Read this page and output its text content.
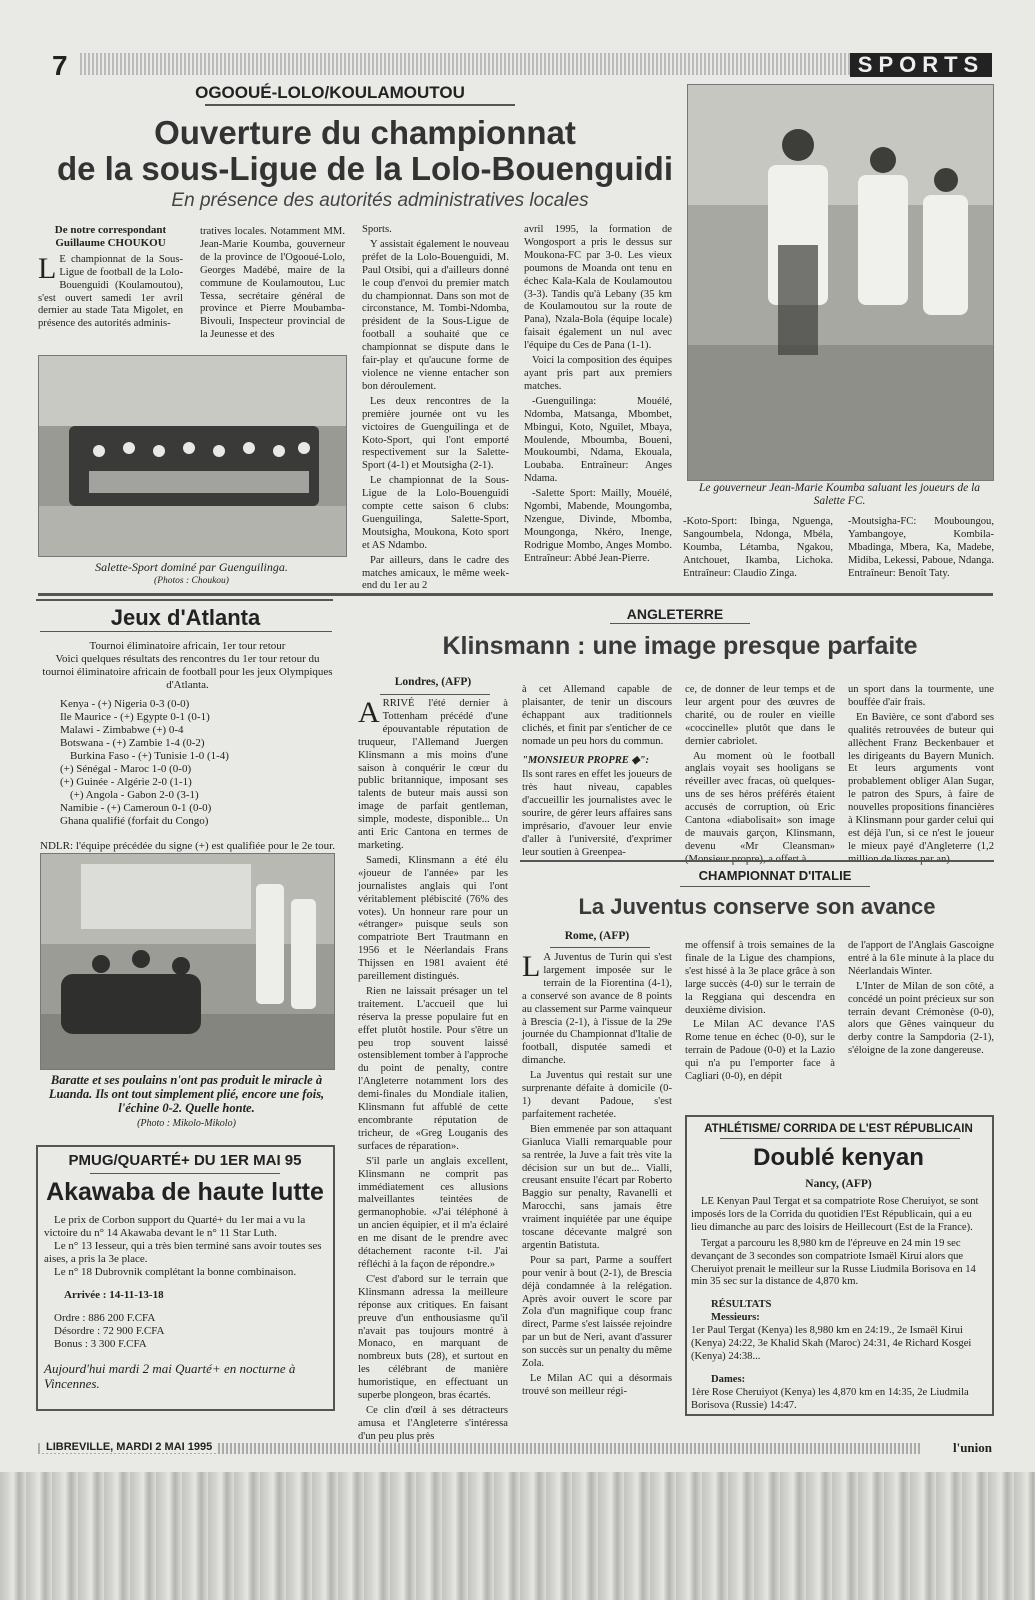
7	SPORTS
OGOOUÉ-LOLO/KOULAMOUTOU
Ouverture du championnat
de la sous-Ligue de la Lolo-Bouenguidi
En présence des autorités administratives locales
De notre correspondant
Guillaume CHOUKOU
L E championnat de la Sous-Ligue de football de la Lolo-Bouenguidi (Koulamoutou), s'est ouvert samedi 1er avril dernier au stade Tata Migolet, en présence des autorités adminis-
tratives locales. Notamment MM. Jean-Marie Koumba, gouverneur de la province de l'Ogooué-Lolo, Georges Madébé, maire de la commune de Koulamoutou, Luc Tessa, secrétaire général de province et Pierre Moubamba-Bivouli, Inspecteur provincial de la Jeunesse et des
Salette-Sport dominé par Guenguilinga.
(Photos : Choukou)

Sports.

Y assistait également le nouveau préfet de la Lolo-Bouenguidi, M. Paul Otsibi, qui a d'ailleurs donné le coup d'envoi du premier match du championnat. Dans son mot de circonstance, M. Tombi-Ndomba, président de la Sous-Ligue de football a souhaité que ce championnat se dispute dans le fair-play et qu'aucune forme de violence ne vienne entacher son bon déroulement.

Les deux rencontres de la première journée ont vu les victoires de Guenguilinga et de Koto-Sport, qui l'ont emporté respectivement sur la Salette-Sport (4-1) et Moutsigha (2-1).

Le championnat de la Sous-Ligue de la Lolo-Bouenguidi compte cette saison 6 clubs: Guenguilinga, Salette-Sport, Moutsigha, Moukona, Koto sport et AS Ndambo.

Par ailleurs, dans le cadre des matches amicaux, le même week-end du 1er au 2

avril 1995, la formation de Wongosport a pris le dessus sur Moukona-FC par 3-0. Les vieux poumons de Moanda ont tenu en échec Kala-Kala de Koulamoutou (3-3). Tandis qu'à Lebany (35 km de Koulamoutou sur la route de Pana), Nzala-Bola (équipe locale) faisait également un nul avec l'équipe du Ces de Pana (1-1).

Voici la composition des équipes ayant pris part aux premiers matches.

-Guenguilinga: Mouélé, Ndomba, Matsanga, Mbombet, Mbingui, Koto, Nguilet, Mbaya, Moulende, Mboumba, Boueni, Moukoumbi, Ndama, Ekouala, Loubaba. Entraîneur: Anges Ndama.

-Salette Sport: Mailly, Mouélé, Ngombi, Mabende, Moungomba, Nzengue, Divinde, Mbomba, Moungonga, Nkéro, Inenge, Rodrigue Mombo, Anges Mombo. Entraîneur: Abbé Jean-Pierre.

Le gouverneur Jean-Marie Koumba saluant les joueurs de la Salette FC.
-Koto-Sport: Ibinga, Nguenga, Sangoumbela, Ndonga, Mbéla, Koumba, Létamba, Ngakou, Antchouet, Ikamba, Lichoka. Entraîneur: Claudio Zinga.
-Moutsigha-FC: Mouboungou, Yambangoye, Kombila-Mbadinga, Mbera, Ka, Madebe, Midiba, Lekessi, Paboue, Ndanga. Entraîneur: Benoît Taty.
Jeux d'Atlanta
Tournoi éliminatoire africain, 1er tour retour
Voici quelques résultats des rencontres du 1er tour retour du tournoi éliminatoire africain de football pour les jeux Olympiques d'Atlanta.
Kenya - (+) Nigeria 0-3 (0-0)
Ile Maurice - (+) Egypte 0-1 (0-1)
Malawi - Zimbabwe (+) 0-4
Botswana - (+) Zambie 1-4 (0-2)
Burkina Faso - (+) Tunisie 1-0 (1-4)
(+) Sénégal - Maroc 1-0 (0-0)
(+) Guinée - Algérie 2-0 (1-1)
(+) Angola - Gabon 2-0 (3-1)
Namibie - (+) Cameroun 0-1 (0-0)
Ghana qualifié (forfait du Congo)
NDLR: l'équipe précédée du signe (+) est qualifiée pour le 2e tour.
Baratte et ses poulains n'ont pas produit le miracle à Luanda. Ils ont tout simplement plié, encore une fois, l'échine 0-2. Quelle honte.
(Photo : Mikolo-Mikolo)
PMUG/QUARTÉ+ DU 1ER MAI 95
Akawaba de haute lutte

Le prix de Corbon support du Quarté+ du 1er mai a vu la victoire du n° 14 Akawaba devant le n° 11 Star Luth.

Le n° 13 Iesseur, qui a très bien terminé sans avoir toutes ses aises, a pris la 3e place.

Le n° 18 Dubrovnik complétant la bonne combinaison.

Arrivée : 14-11-13-18

Ordre : 886 200 F.CFA

Désordre : 72 900 F.CFA

Bonus : 3 300 F.CFA

Aujourd'hui mardi 2 mai Quarté+ en nocturne à Vincennes.

ANGLETERRE
Klinsmann : une image presque parfaite
Londres, (AFP)

ARRIVÉ l'été dernier à Tottenham précédé d'une épouvantable réputation de truqueur, l'Allemand Juergen Klinsmann a mis moins d'une saison à conquérir le cœur du public britannique, imposant ses talents de buteur mais aussi son image de parfait gentleman, simple, modeste, disponible... Un anti Eric Cantona en termes de marketing.

Samedi, Klinsmann a été élu «joueur de l'année» par les journalistes anglais qui l'ont véritablement plébiscité (76% des votes). Un honneur rare pour un «étranger» puisque seuls son compatriote Bert Trautmann en 1956 et le Néerlandais Frans Thijssen en 1981 avaient été pareillement distingués.

Rien ne laissait présager un tel traitement. L'accueil que lui réserva la presse populaire fut en effet plutôt hostile. Pour s'être un peu trop souvent laissé ostensiblement tomber à l'approche du point de penalty, contre l'Angleterre notamment lors des demi-finales du Mondiale italien, Klinsmann fut affublé de cette encombrante réputation de tricheur, de «Greg Louganis des surfaces de réparation».

S'il parle un anglais excellent, Klinsmann ne comprit pas immédiatement ces allusions malveillantes teintées de germanophobie. «J'ai téléphoné à un ancien équipier, et il m'a éclairé en me disant de le prendre avec détachement raconte t-il. J'ai réfléchi à la façon de répondre.»

C'est d'abord sur le terrain que Klinsmann adressa la meilleure réponse aux critiques. En faisant preuve d'un enthousiasme qu'il n'avait pas toujours montré à Monaco, en marquant de nombreux buts (28), et surtout en les célébrant de manière humoristique, en effectuant un superbe plongeon, bras écartés.

Ce clin d'œil à ses détracteurs amusa et l'Angleterre s'intéressa d'un peu plus près

à cet Allemand capable de plaisanter, de tenir un discours échappant aux traditionnels clichés, et finit par s'enticher de ce nomade un peu hors du commun.

"MONSIEUR PROPRE ◆":

Ils sont rares en effet les joueurs de très haut niveau, capables d'accueillir les journalistes avec le sourire, de gérer leurs affaires sans imprésario, d'avouer leur envie d'aller à l'université, d'exprimer leur soutien à Greenpea-

ce, de donner de leur temps et de leur argent pour des œuvres de charité, ou de rouler en vieille «coccinelle» plutôt que dans le dernier cabriolet.

Au moment où le football anglais voyait ses hooligans se réveiller avec fracas, où quelques-uns de ses héros préférés étaient accusés de corruption, où Eric Cantona «diabolisait» son image de mauvais garçon, Klinsmann, devenu «Mr Cleansman»

un sport dans la tourmente, une bouffée d'air frais.

En Bavière, ce sont d'abord ses qualités retrouvées de buteur qui allèchent Franz Beckenbauer et les dirigeants du Bayern Munich. Et leurs arguments vont probablement obliger Alan Sugar, le patron des Spurs, à faire de nouvelles propositions financières à Klinsmann pour garder celui qui est déjà l'un, si ce n'est le joueur le mieux payé d'Angleterre (1,2

CHAMPIONNAT D'ITALIE
La Juventus conserve son avance
Rome, (AFP)

L A Juventus de Turin qui s'est largement imposée sur le terrain de la Fiorentina (4-1), a conservé son avance de 8 points au classement sur Parme vainqueur à Brescia (2-1), à l'issue de la 29e journée du Championnat d'Italie de football, disputée samedi et dimanche.

La Juventus qui restait sur une surprenante défaite à domicile (0-1) devant Padoue, s'est parfaitement rachetée.

Bien emmenée par son attaquant Gianluca Vialli remarquable pour sa rentrée, la Juve a fait très vite la décision sur un but de... Vialli, creusant ensuite l'écart par Roberto Baggio sur penalty, Ravanelli et Marocchi, sans jamais être vraiment inquiétée par une équipe toscane décevante malgré son argentin Batistuta.

Pour sa part, Parme a souffert pour venir à bout (2-1), de Brescia déjà condamnée à la relégation. Après avoir ouvert le score par Zola d'un magnifique coup franc direct, Parme s'est laissée rejoindre par un but de Neri, avant d'assurer son succès sur un penalty du même Zola.

Le Milan AC qui a désormais trouvé son meilleur régi-

me offensif à trois semaines de la finale de la Ligue des champions, s'est hissé à la 3e place grâce à son large succès (4-0) sur le terrain de la Reggiana qui descendra en deuxième division.

Le Milan AC devance l'AS Rome tenue en échec (0-0), sur le terrain de Padoue (0-0) et la Lazio qui n'a pu l'emporter face à Cagliari (0-0), en dépit

de l'apport de l'Anglais Gascoigne entré à la 61e minute à la place du Néerlandais Winter.

L'Inter de Milan de son côté, a concédé un point précieux sur son terrain devant Crémonèse (0-0), alors que Gênes vainqueur du derby contre la Sampdoria (2-1), s'éloigne de la zone dangereuse.

ATHLÉTISME/ CORRIDA DE L'EST RÉPUBLICAIN
Doublé kenyan
Nancy, (AFP)

LE Kenyan Paul Tergat et sa compatriote Rose Cheruiyot, se sont imposés lors de la Corrida du quotidien l'Est Républicain, qui a eu lieu dimanche au parc des loisirs de Heillecourt (Est de la France).

Tergat a parcouru les 8,980 km de l'épreuve en 24 min 19 sec devançant de 3 secondes son compatriote Ismaël Kirui alors que Cheruiyot prenait le meilleur sur la Russe Liudmila Borisova en 14 min 35 sec sur la distance de 4,870 km.

RÉSULTATS

Messieurs:

1er Paul Tergat (Kenya) les 8,980 km en 24:19., 2e Ismaël Kirui (Kenya) 24:22, 3e Khalid Skah (Maroc) 24:31, 4e Richard Kosgei (Kenya) 24:38...

Dames:

1ère Rose Cheruiyot (Kenya) les 4,870 km en 14:35, 2e Liudmila Borisova (Russie) 14:47.

LIBREVILLE, MARDI 2 MAI 1995	l'union
